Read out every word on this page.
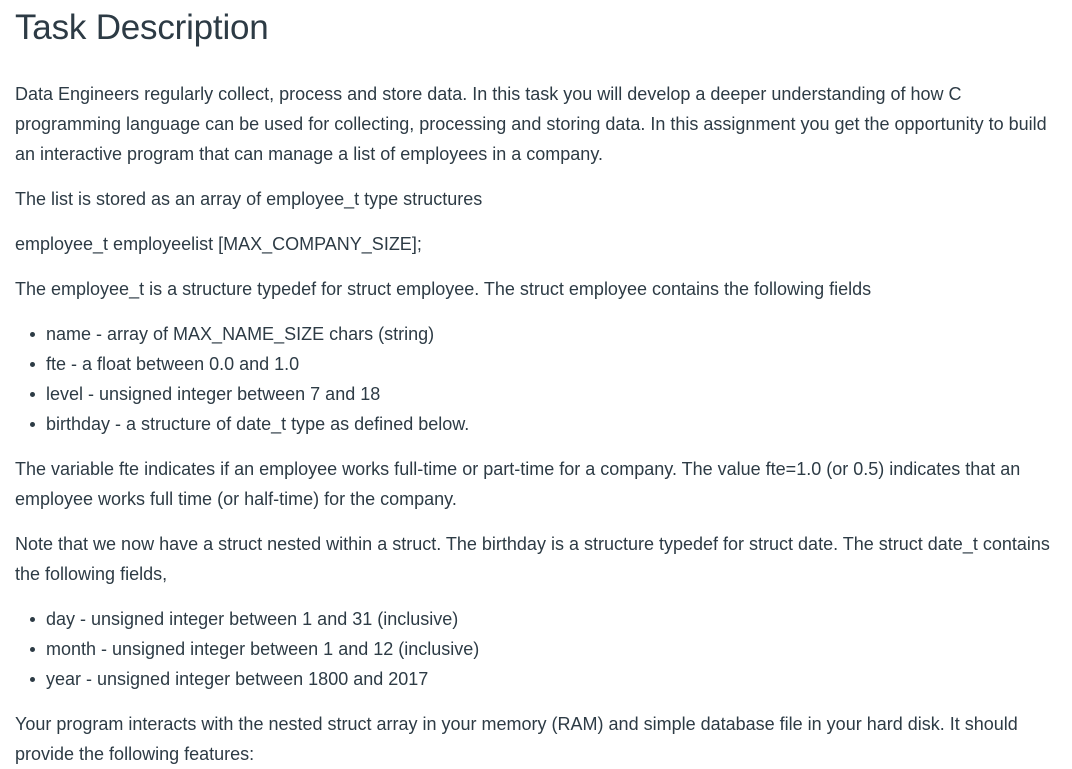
Task Description

Data Engineers regularly collect, process and store data. In this task you will develop a deeper understanding of how C programming language can be used for collecting, processing and storing data. In this assignment you get the opportunity to build an interactive program that can manage a list of employees in a company.

The list is stored as an array of employee_t type structures

employee_t employeelist [MAX_COMPANY_SIZE];

The employee_t is a structure typedef for struct employee. The struct employee contains the following fields

name - array of MAX_NAME_SIZE chars (string)
fte - a float between 0.0 and 1.0
level - unsigned integer between 7 and 18
birthday - a structure of date_t type as defined below.

The variable fte indicates if an employee works full-time or part-time for a company. The value fte=1.0 (or 0.5) indicates that an employee works full time (or half-time) for the company.

Note that we now have a struct nested within a struct. The birthday is a structure typedef for struct date. The struct date_t contains the following fields,

day - unsigned integer between 1 and 31 (inclusive)
month - unsigned integer between 1 and 12 (inclusive)
year - unsigned integer between 1800 and 2017

Your program interacts with the nested struct array in your memory (RAM) and simple database file in your hard disk. It should provide the following features:
